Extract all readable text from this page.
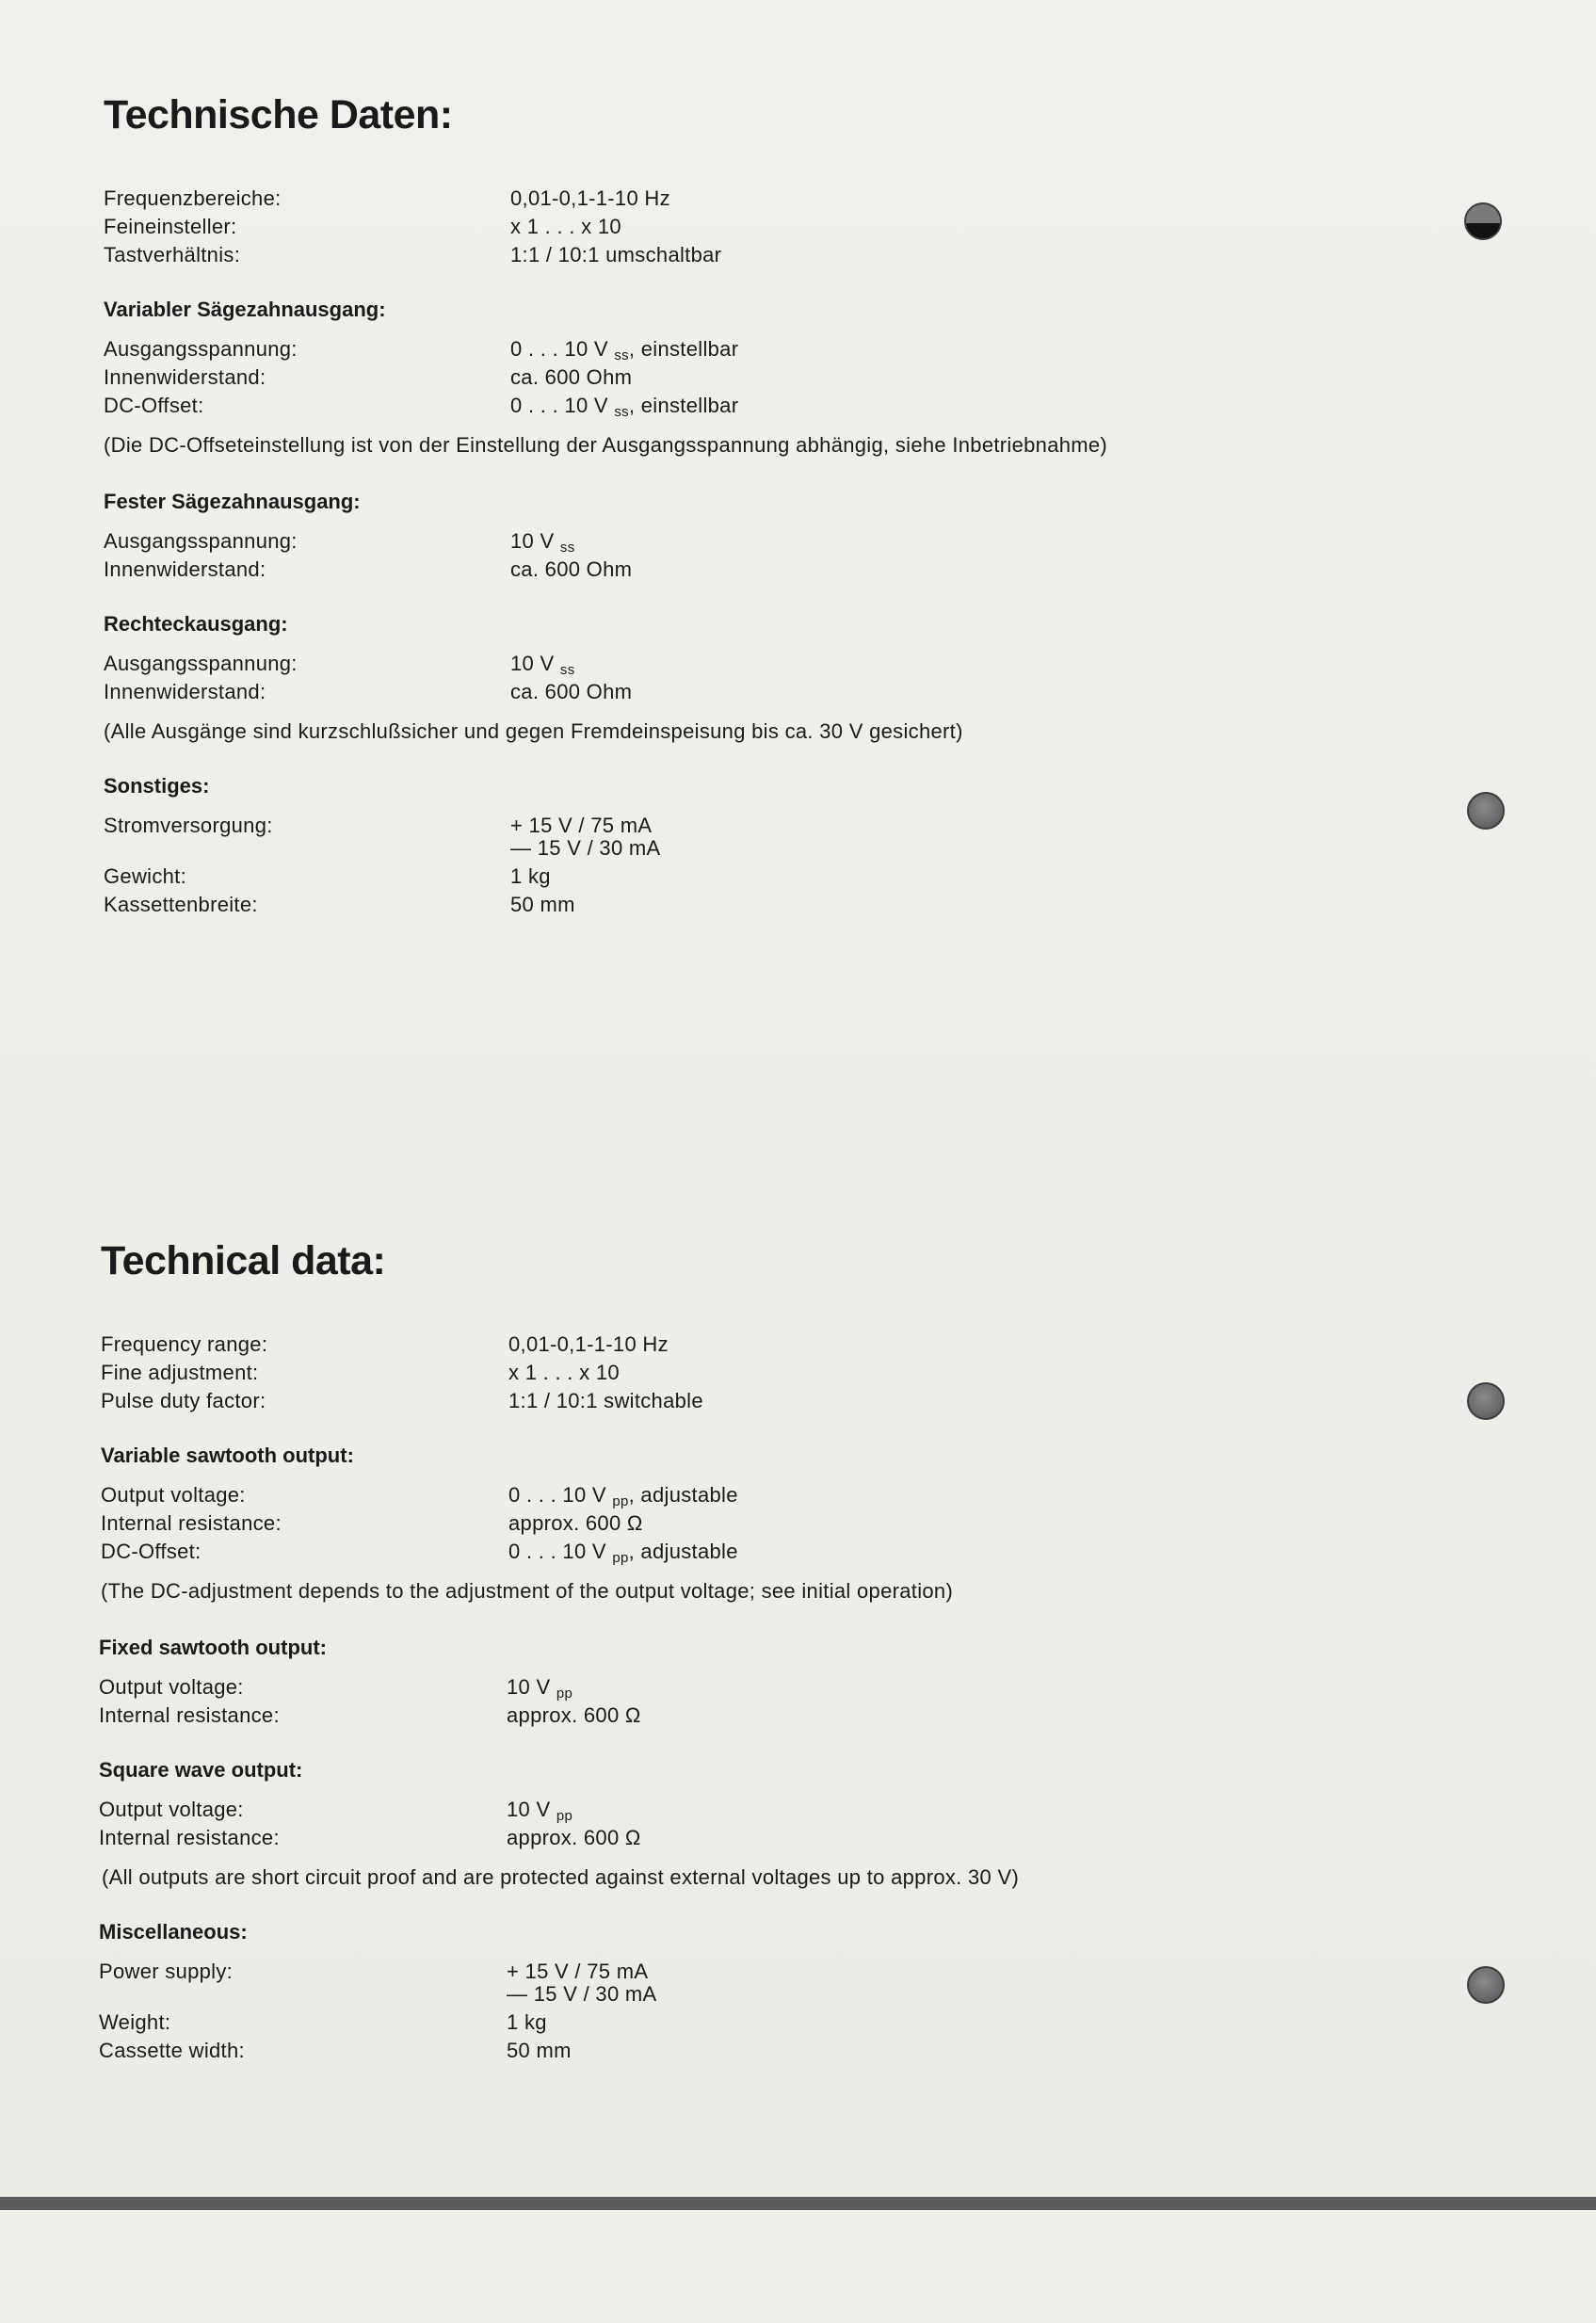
Technische Daten:
Frequenzbereiche:	0,01-0,1-1-10 Hz
Feineinsteller:	x 1 . . . x 10
Tastverhältnis:	1:1 / 10:1 umschaltbar
Variabler Sägezahnausgang:
Ausgangsspannung:	0 . . . 10 V ss, einstellbar
Innenwiderstand:	ca. 600 Ohm
DC-Offset:	0 . . . 10 V ss, einstellbar
(Die DC-Offseteinstellung ist von der Einstellung der Ausgangsspannung abhängig, siehe Inbetriebnahme)
Fester Sägezahnausgang:
Ausgangsspannung:	10 V ss
Innenwiderstand:	ca. 600 Ohm
Rechteckausgang:
Ausgangsspannung:	10 V ss
Innenwiderstand:	ca. 600 Ohm
(Alle Ausgänge sind kurzschlußsicher und gegen Fremdeinspeisung bis ca. 30 V gesichert)
Sonstiges:
Stromversorgung:	+ 15 V / 75 mA
— 15 V / 30 mA
Gewicht:	1 kg
Kassettenbreite:	50 mm
Technical data:
Frequency range:	0,01-0,1-1-10 Hz
Fine adjustment:	x 1 . . . x 10
Pulse duty factor:	1:1 / 10:1 switchable
Variable sawtooth output:
Output voltage:	0 . . . 10 V pp, adjustable
Internal resistance:	approx. 600 Ω
DC-Offset:	0 . . . 10 V pp, adjustable
(The DC-adjustment depends to the adjustment of the output voltage; see initial operation)
Fixed sawtooth output:
Output voltage:	10 V pp
Internal resistance:	approx. 600 Ω
Square wave output:
Output voltage:	10 V pp
Internal resistance:	approx. 600 Ω
(All outputs are short circuit proof and are protected against external voltages up to approx. 30 V)
Miscellaneous:
Power supply:	+ 15 V / 75 mA
— 15 V / 30 mA
Weight:	1 kg
Cassette width:	50 mm
